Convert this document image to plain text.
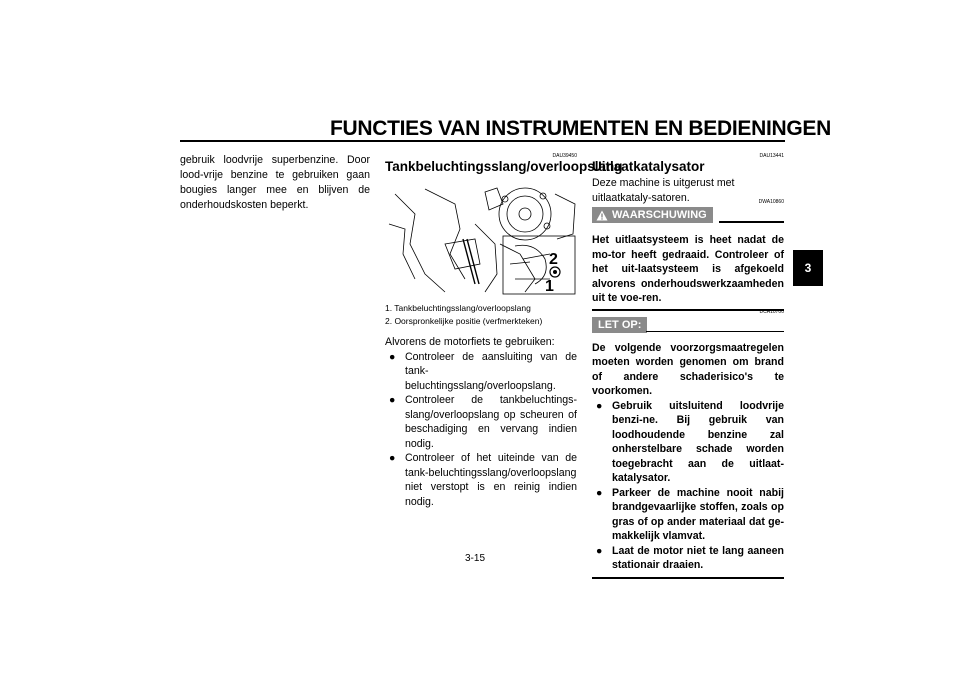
FUNCTIES VAN INSTRUMENTEN EN BEDIENINGEN
3
gebruik loodvrije superbenzine. Door lood-vrije benzine te gebruiken gaan bougies langer mee en blijven de onderhoudskosten beperkt.
DAU39450
Tankbeluchtingsslang/overloopslang
2
1
1. Tankbeluchtingsslang/overloopslang
2. Oorspronkelijke positie (verfmerkteken)
Alvorens de motorfiets te gebruiken:
● Controleer de aansluiting van de tank-beluchtingsslang/overloopslang.
● Controleer de tankbeluchtings-slang/overloopslang op scheuren of beschadiging en vervang indien nodig.
● Controleer of het uiteinde van de tank-beluchtingsslang/overloopslang niet verstopt is en reinig indien nodig.
DAU13441
Uitlaatkatalysator
Deze machine is uitgerust met uitlaatkataly-satoren.
WAARSCHUWING
DWA10860
Het uitlaatsysteem is heet nadat de mo-tor heeft gedraaid. Controleer of het uit-laatsysteem is afgekoeld alvorens onderhoudswerkzaamheden uit te voe-ren.
LET OP:
DCA10700
De volgende voorzorgsmaatregelen moeten worden genomen om brand of andere schaderisico's te voorkomen.
● Gebruik uitsluitend loodvrije benzi-ne. Bij gebruik van loodhoudende benzine zal onherstelbare schade worden toegebracht aan de uitlaat-katalysator.
● Parkeer de machine nooit nabij brandgevaarlijke stoffen, zoals op gras of op ander materiaal dat ge-makkelijk vlamvat.
● Laat de motor niet te lang aaneen stationair draaien.
3-15
